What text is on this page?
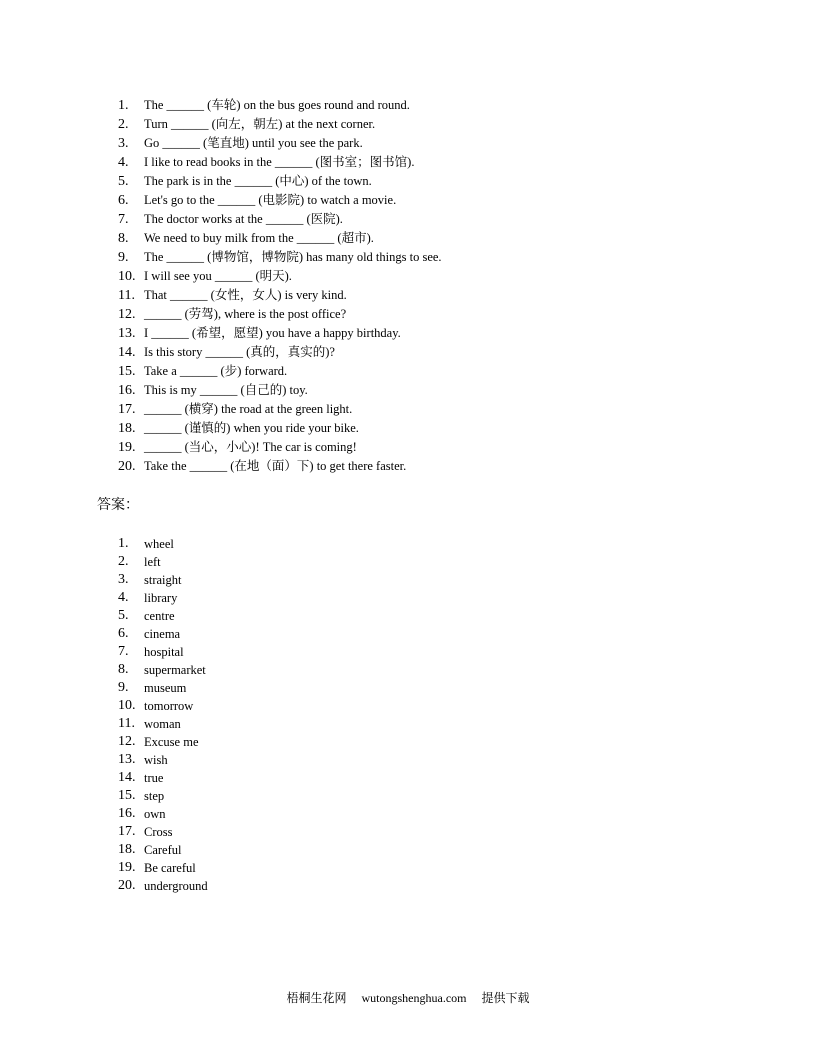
1.	The ______ (车轮) on the bus goes round and round.
2.	Turn ______ (向左，朝左) at the next corner.
3.	Go ______ (笔直地) until you see the park.
4.	I like to read books in the ______ (图书室；图书馆).
5.	The park is in the ______ (中心) of the town.
6.	Let's go to the ______ (电影院) to watch a movie.
7.	The doctor works at the ______ (医院).
8.	We need to buy milk from the ______ (超市).
9.	The ______ (博物馆，博物院) has many old things to see.
10. I will see you ______ (明天).
11. That ______ (女性，女人) is very kind.
12. ______ (劳驾), where is the post office?
13. I ______ (希望，愿望) you have a happy birthday.
14. Is this story ______ (真的，真实的)?
15. Take a ______ (步) forward.
16. This is my ______ (自己的) toy.
17. ______ (横穿) the road at the green light.
18. ______ (谨慎的) when you ride your bike.
19. ______ (当心，小心)! The car is coming!
20. Take the ______ (在地（面）下) to get there faster.
答案：
1.	wheel
2.	left
3.	straight
4.	library
5.	centre
6.	cinema
7.	hospital
8.	supermarket
9.	museum
10. tomorrow
11. woman
12. Excuse me
13. wish
14. true
15. step
16. own
17. Cross
18. Careful
19. Be careful
20. underground
梧桐生花网 wutongshenghua.com 提供下载
